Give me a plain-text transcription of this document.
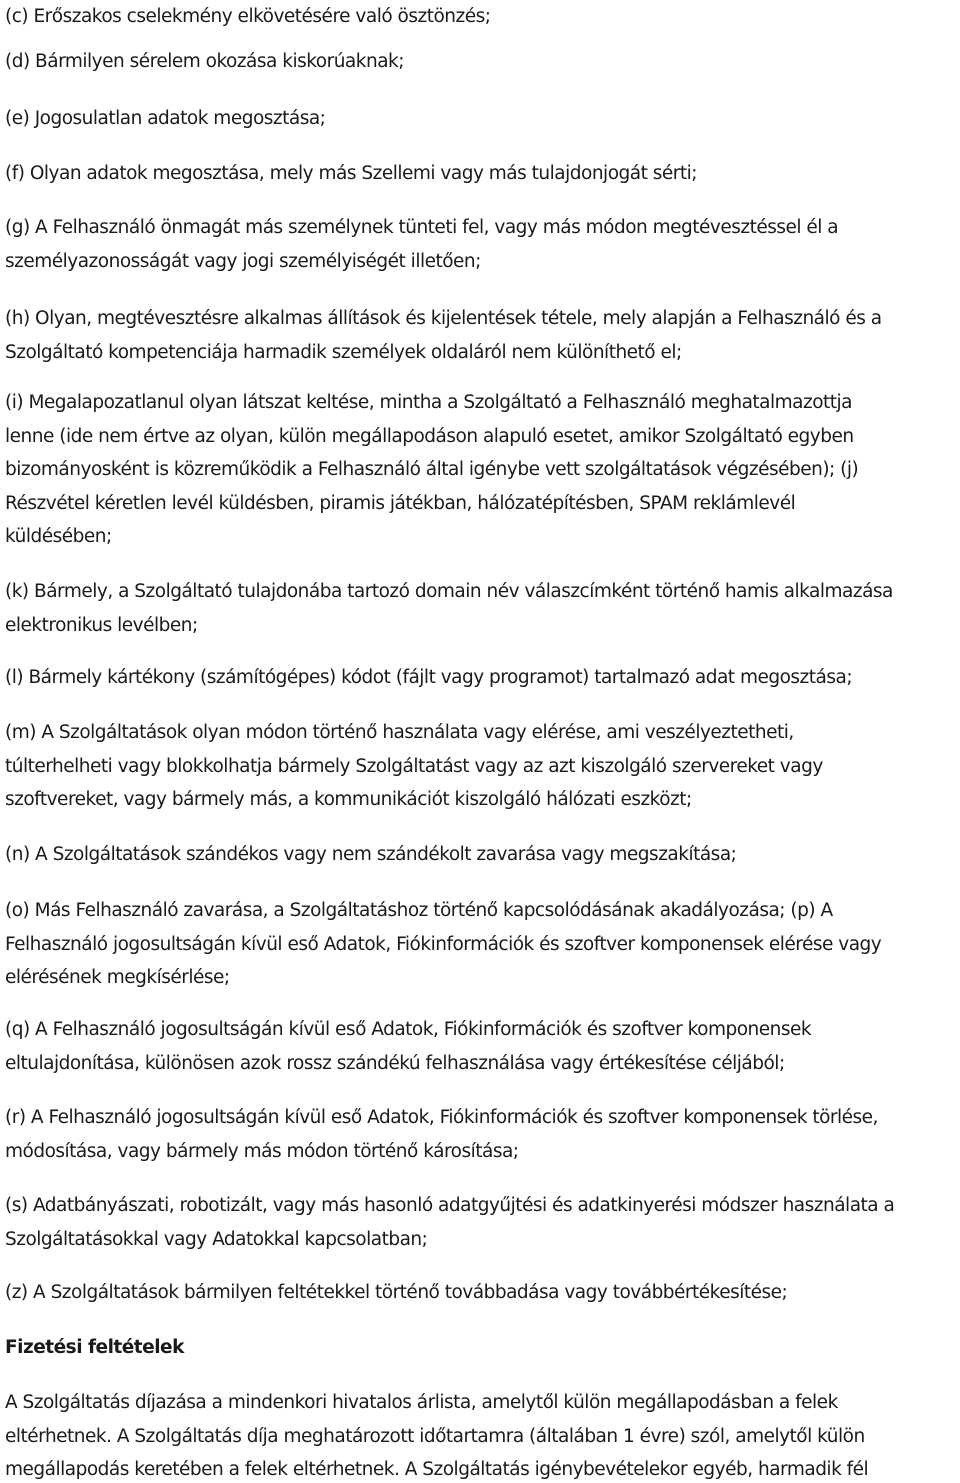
(c) Erőszakos cselekmény elkövetésére való ösztönzés;
(d) Bármilyen sérelem okozása kiskorúaknak;
(e) Jogosulatlan adatok megosztása;
(f) Olyan adatok megosztása, mely más Szellemi vagy más tulajdonjogát sérti;
(g) A Felhasználó önmagát más személynek tünteti fel, vagy más módon megtévesztéssel él a
személyazonosságát vagy jogi személyiségét illetően;
(h) Olyan, megtévesztésre alkalmas állítások és kijelentések tétele, mely alapján a Felhasználó és a
Szolgáltató kompetenciája harmadik személyek oldaláról nem különíthető el;
(i) Megalapozatlanul olyan látszat keltése, mintha a Szolgáltató a Felhasználó meghatalmazottja
lenne (ide nem értve az olyan, külön megállapodáson alapuló esetet, amikor Szolgáltató egyben
bizományosként is közreműködik a Felhasználó által igénybe vett szolgáltatások végzésében); (j)
Részvétel kéretlen levél küldésben, piramis játékban, hálózatépítésben, SPAM reklámlevél
küldésében;
(k) Bármely, a Szolgáltató tulajdonába tartozó domain név válaszcímként történő hamis alkalmazása
elektronikus levélben;
(l) Bármely kártékony (számítógépes) kódot (fájlt vagy programot) tartalmazó adat megosztása;
(m) A Szolgáltatások olyan módon történő használata vagy elérése, ami veszélyeztetheti,
túlterhelheti vagy blokkolhatja bármely Szolgáltatást vagy az azt kiszolgáló szervereket vagy
szoftvereket, vagy bármely más, a kommunikációt kiszolgáló hálózati eszközt;
(n) A Szolgáltatások szándékos vagy nem szándékolt zavarása vagy megszakítása;
(o) Más Felhasználó zavarása, a Szolgáltatáshoz történő kapcsolódásának akadályozása; (p) A
Felhasználó jogosultságán kívül eső Adatok, Fiókinformációk és szoftver komponensek elérése vagy
elérésének megkísérlése;
(q) A Felhasználó jogosultságán kívül eső Adatok, Fiókinformációk és szoftver komponensek
eltulajdonítása, különösen azok rossz szándékú felhasználása vagy értékesítése céljából;
(r) A Felhasználó jogosultságán kívül eső Adatok, Fiókinformációk és szoftver komponensek törlése,
módosítása, vagy bármely más módon történő károsítása;
(s) Adatbányászati, robotizált, vagy más hasonló adatgyűjtési és adatkinyerési módszer használata a
Szolgáltatásokkal vagy Adatokkal kapcsolatban;
(z) A Szolgáltatások bármilyen feltétekkel történő továbbadása vagy továbbértékesítése;
Fizetési feltételek
A Szolgáltatás díjazása a mindenkori hivatalos árlista, amelytől külön megállapodásban a felek
eltérhetnek. A Szolgáltatás díja meghatározott időtartamra (általában 1 évre) szól, amelytől külön
megállapodás keretében a felek eltérhetnek. A Szolgáltatás igénybevételekor egyéb, harmadik fél
